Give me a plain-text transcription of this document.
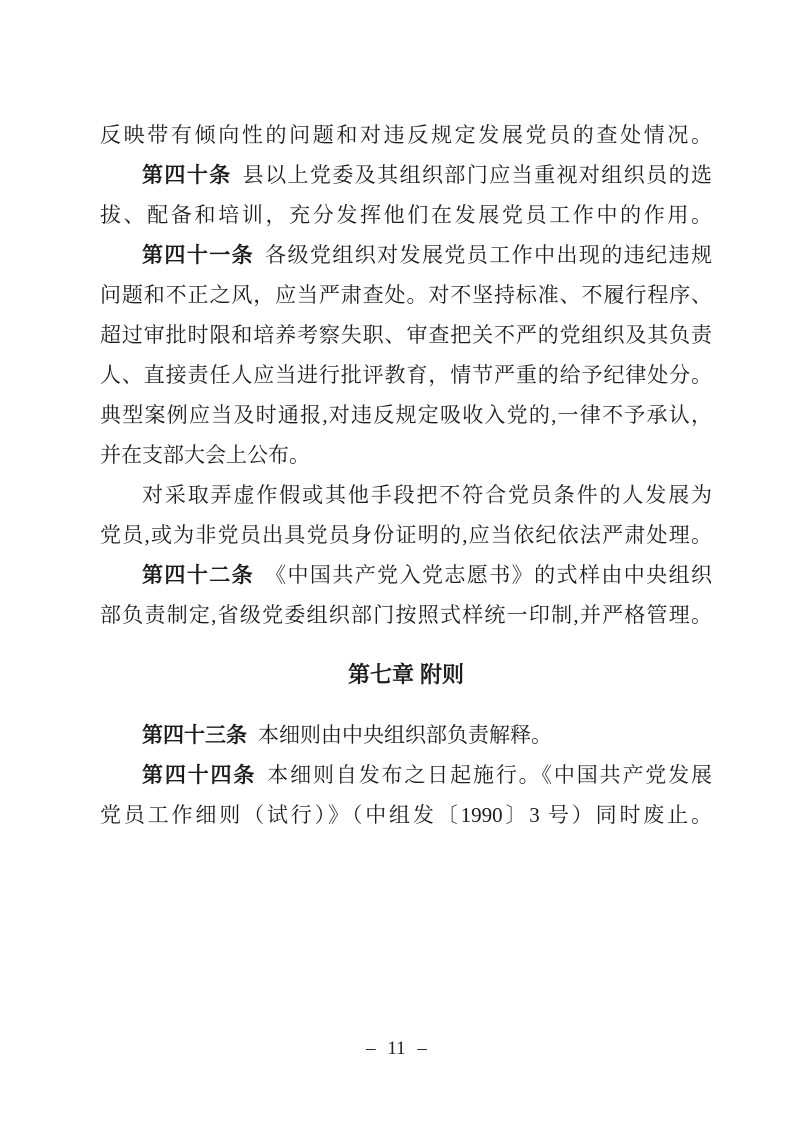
反映带有倾向性的问题和对违反规定发展党员的查处情况。
第四十条 县以上党委及其组织部门应当重视对组织员的选
拔、配备和培训，充分发挥他们在发展党员工作中的作用。
第四十一条 各级党组织对发展党员工作中出现的违纪违规
问题和不正之风，应当严肃查处。对不坚持标准、不履行程序、
超过审批时限和培养考察失职、审查把关不严的党组织及其负责
人、直接责任人应当进行批评教育，情节严重的给予纪律处分。
典型案例应当及时通报,对违反规定吸收入党的,一律不予承认，
并在支部大会上公布。
对采取弄虚作假或其他手段把不符合党员条件的人发展为
党员,或为非党员出具党员身份证明的,应当依纪依法严肃处理。
第四十二条 《中国共产党入党志愿书》的式样由中央组织
部负责制定,省级党委组织部门按照式样统一印制,并严格管理。
第七章 附则
第四十三条 本细则由中央组织部负责解释。
第四十四条 本细则自发布之日起施行。《中国共产党发展
党员工作细则（试行）》（中组发〔1990〕3 号）同时废止。
– 11 –
